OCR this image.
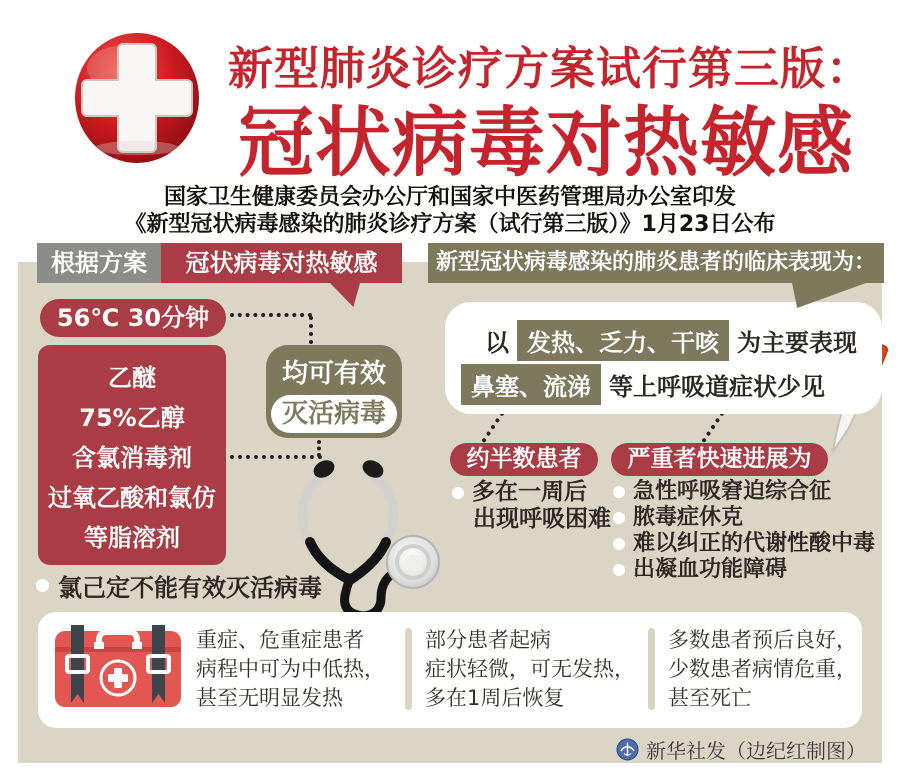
新型肺炎诊疗方案试行第三版：
冠状病毒对热敏感
国家卫生健康委员会办公厅和国家中医药管理局办公室印发
《新型冠状病毒感染的肺炎诊疗方案（试行第三版）》1月23日公布
根据方案	冠状病毒对热敏感	新型冠状病毒感染的肺炎患者的临床表现为：
56℃ 30分钟
乙醚
75%乙醇
含氯消毒剂
过氧乙酸和氯仿
等脂溶剂
均可有效
灭活病毒
氯己定不能有效灭活病毒
以 发热、乏力、干咳 为主要表现
鼻塞、流涕 等上呼吸道症状少见
约半数患者
多在一周后
出现呼吸困难
严重者快速进展为
急性呼吸窘迫综合征
脓毒症休克
难以纠正的代谢性酸中毒
出凝血功能障碍
重症、危重症患者
病程中可为中低热，
甚至无明显发热
部分患者起病
症状轻微，可无发热，
多在1周后恢复
多数患者预后良好，
少数患者病情危重，
甚至死亡
新华社发（边纪红制图）
